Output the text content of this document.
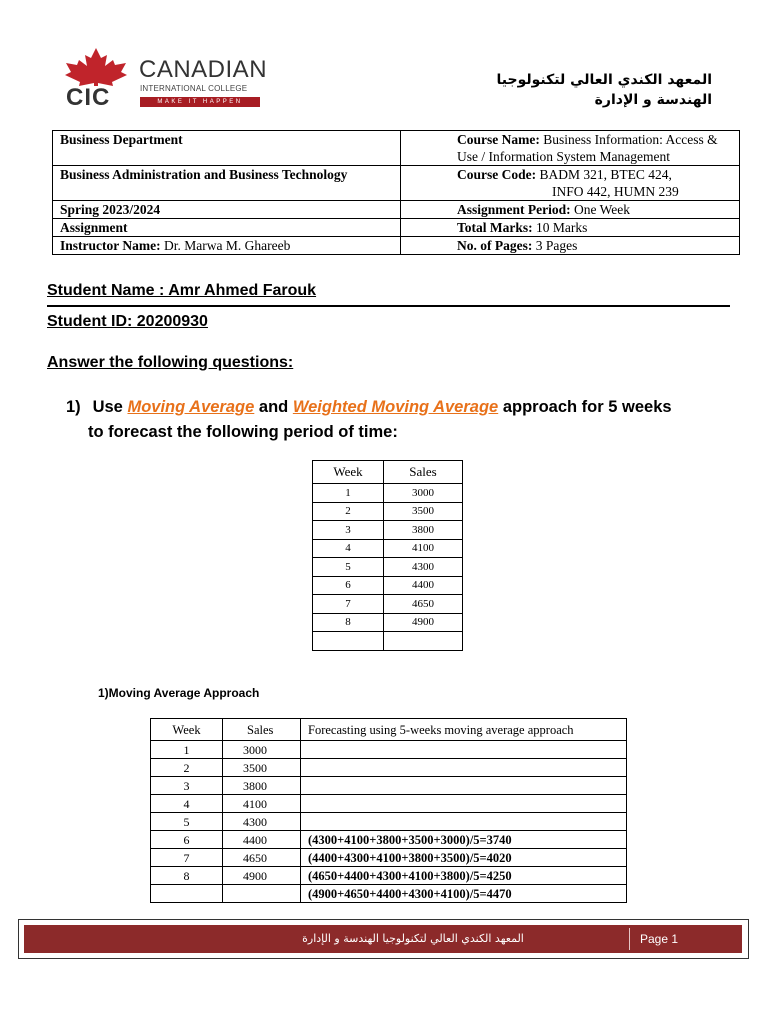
CIC
CANADIAN
INTERNATIONAL COLLEGE
MAKE IT HAPPEN
المعهد الكندي العالي لتكنولوجيا
الهندسة و الإدارة
Business Department	Course Name: Business Information: Access & Use / Information System Management
Business Administration and Business Technology	Course Code: BADM 321, BTEC 424,
INFO 442, HUMN 239

Spring 2023/2024	Assignment Period: One Week
Assignment	Total Marks: 10 Marks
Instructor Name: Dr. Marwa M. Ghareeb	No. of Pages: 3 Pages
Student Name : Amr Ahmed Farouk
Student ID: 20200930
Answer the following questions:
1) Use Moving Average and Weighted Moving Average approach for 5 weeks
to forecast the following period of time:
Week	Sales
1	3000
2	3500
3	3800
4	4100
5	4300
6	4400
7	4650
8	4900

1)Moving Average Approach
Week	Sales	Forecasting using 5-weeks moving average approach
1	3000	
2	3500	
3	3800	
4	4100	
5	4300	
6	4400	(4300+4100+3800+3500+3000)/5=3740
7	4650	(4400+4300+4100+3800+3500)/5=4020
8	4900	(4650+4400+4300+4100+3800)/5=4250
		(4900+4650+4400+4300+4100)/5=4470
المعهد الكندي العالي لتكنولوجيا الهندسة و الإدارة	Page 1
